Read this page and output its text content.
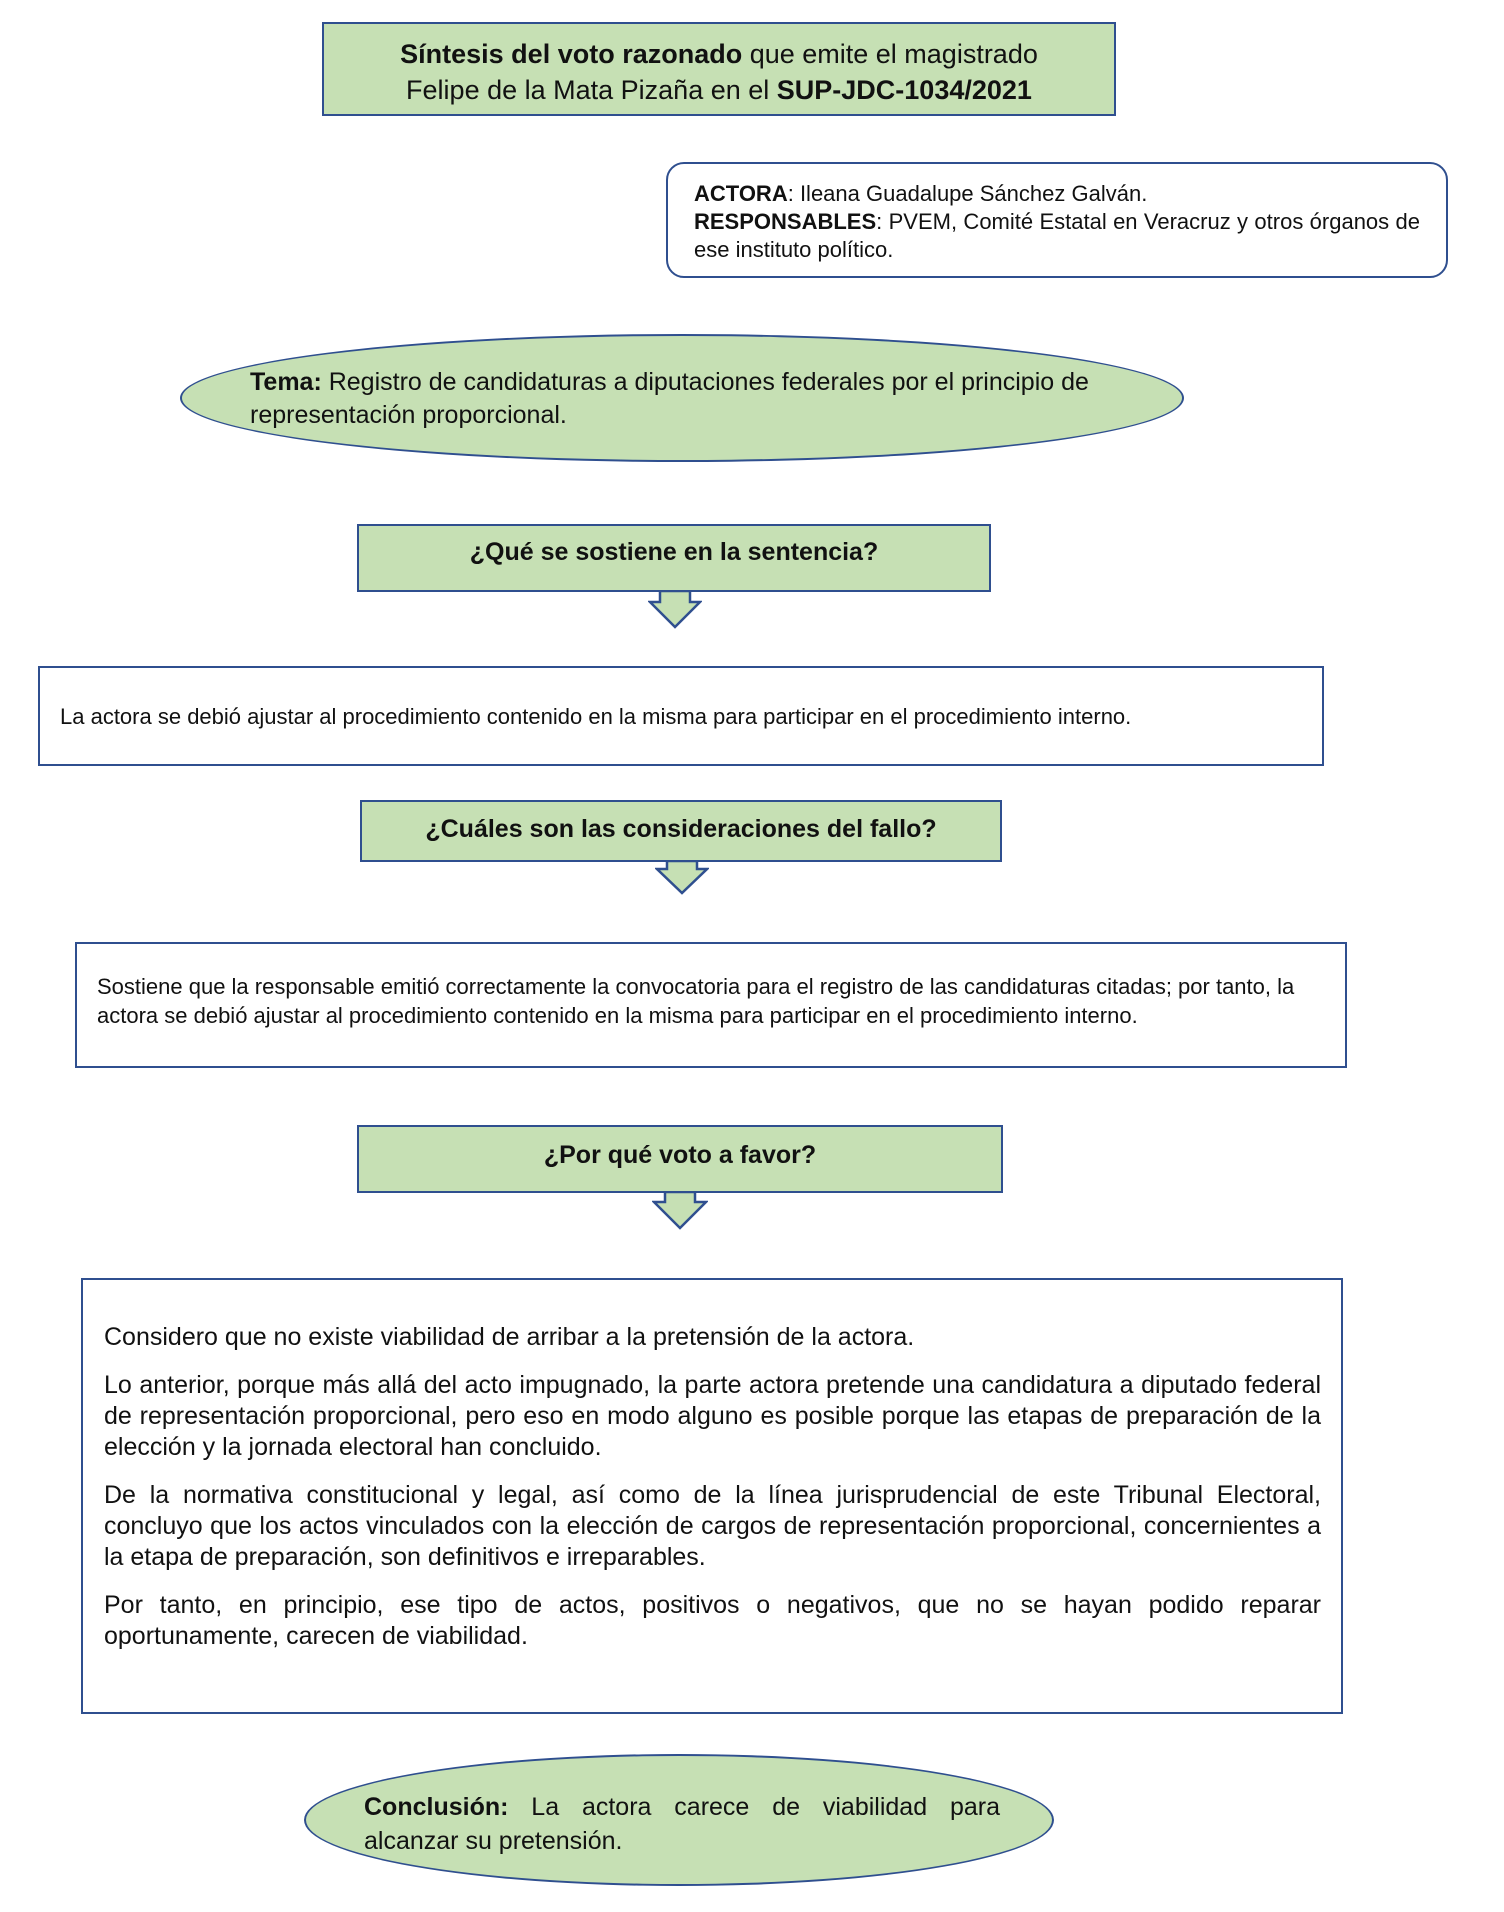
Síntesis del voto razonado que emite el magistrado
Felipe de la Mata Pizaña en el SUP-JDC-1034/2021
ACTORA: Ileana Guadalupe Sánchez Galván.
RESPONSABLES: PVEM, Comité Estatal en Veracruz y otros órganos de ese instituto político.
Tema: Registro de candidaturas a diputaciones federales por el principio de representación proporcional.
¿Qué se sostiene en la sentencia?
La actora se debió ajustar al procedimiento contenido en la misma para participar en el procedimiento interno.
¿Cuáles son las consideraciones del fallo?
Sostiene que la responsable emitió correctamente la convocatoria para el registro de las candidaturas citadas; por tanto, la actora se debió ajustar al procedimiento contenido en la misma para participar en el procedimiento interno.
¿Por qué voto a favor?

Considero que no existe viabilidad de arribar a la pretensión de la actora.

Lo anterior, porque más allá del acto impugnado, la parte actora pretende una candidatura a diputado federal de representación proporcional, pero eso en modo alguno es posible porque las etapas de preparación de la elección y la jornada electoral han concluido.

De la normativa constitucional y legal, así como de la línea jurisprudencial de este Tribunal Electoral, concluyo que los actos vinculados con la elección de cargos de representación proporcional, concernientes a la etapa de preparación, son definitivos e irreparables.

Por tanto, en principio, ese tipo de actos, positivos o negativos, que no se hayan podido reparar oportunamente, carecen de viabilidad.

Conclusión: La actora carece de viabilidad para alcanzar su pretensión.
